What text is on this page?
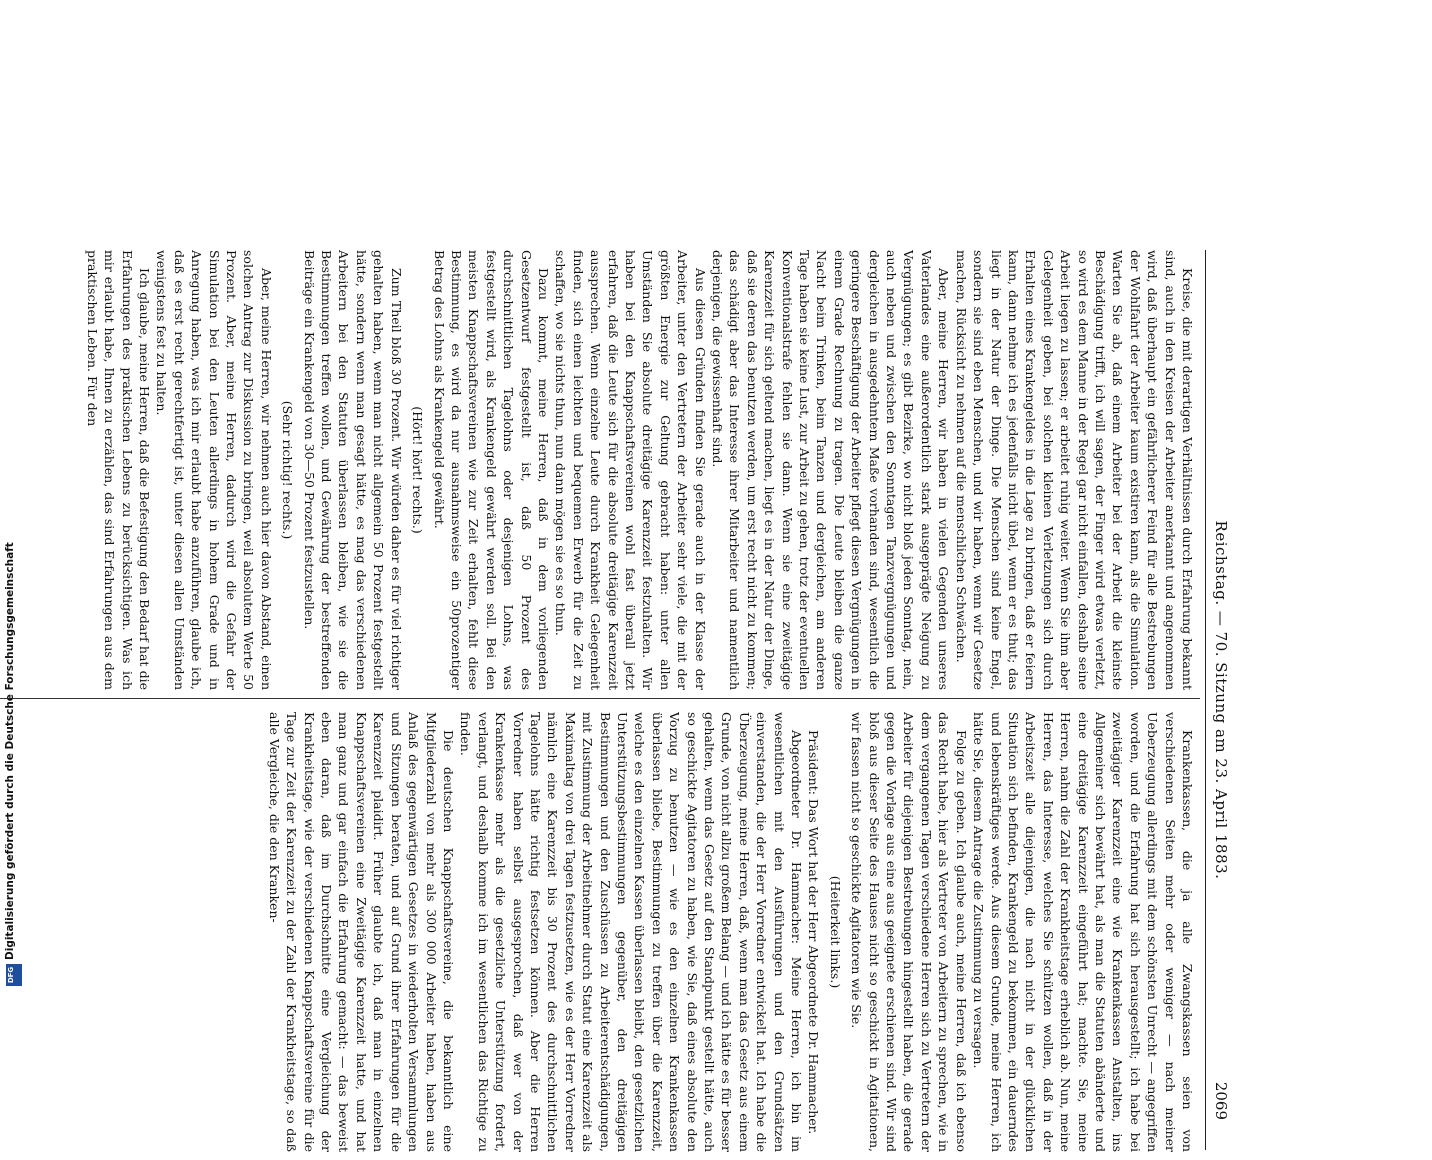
Reichstag. — 70. Sitzung am 23. April 1883.
2069

Kreise, die mit derartigen Verhältnissen durch Erfahrung bekannt sind, auch in den Kreisen der Arbeiter anerkannt und angenommen wird, daß überhaupt ein gefährlicherer Feind für alle Bestrebungen der Wohlfahrt der Arbeiter kaum existiren kann, als die Simulation. Warten Sie ab, daß einem Arbeiter bei der Arbeit die kleinste Beschädigung trifft, ich will sagen, der Finger wird etwas verletzt, so wird es dem Manne in der Regel gar nicht einfallen, deshalb seine Arbeit liegen zu lassen; er arbeitet ruhig weiter. Wenn Sie ihm aber Gelegenheit geben, bei solchen kleinen Verletzungen sich durch Erhalten eines Krankengeldes in die Lage zu bringen, daß er feiern kann, dann nehme ich es jedenfalls nicht übel, wenn er es thut; das liegt in der Natur der Dinge. Die Menschen sind keine Engel, sondern sie sind eben Menschen, und wir haben, wenn wir Gesetze machen, Rücksicht zu nehmen auf die menschlichen Schwächen.

Aber, meine Herren, wir haben in vielen Gegenden unseres Vaterlandes eine außerordentlich stark ausgeprägte Neigung zu Vergnügungen; es gibt Bezirke, wo nicht bloß jeden Sonntag, nein, auch neben und zwischen den Sonntagen Tanzvergnügungen und dergleichen in ausgedehntem Maße vorhanden sind, wesentlich die geringere Beschäftigung der Arbeiter pflegt diesen Vergnügungen in einem Grade Rechnung zu tragen. Die Leute bleiben die ganze Nacht beim Trinken, beim Tanzen und dergleichen, am anderen Tage haben sie keine Lust, zur Arbeit zu gehen, trotz der eventuellen Konventionalstrafe fehlen sie dann. Wenn sie eine zweitägige Karenzzeit für sich geltend machen, liegt es in der Natur der Dinge, daß sie deren das benutzen werden, um erst recht nicht zu kommen; das schädigt aber das Interesse ihrer Mitarbeiter und namentlich derjenigen, die gewissenhaft sind.

Aus diesen Gründen finden Sie gerade auch in der Klasse der Arbeiter, unter den Vertretern der Arbeiter sehr viele, die mit der größten Energie zur Geltung gebracht haben: unter allen Umständen Sie absolute dreitägige Karenzzeit festzuhalten. Wir haben bei den Knappschaftsvereinen wohl fast überall jetzt erfahren, daß die Leute sich für die absolute dreitägige Karenzzeit aussprechen. Wenn einzelne Leute durch Krankheit Gelegenheit finden, sich einen leichten und bequemen Erwerb für die Zeit zu schaffen, wo sie nichts thun, nun dann mögen sie es so thun.

Dazu kommt, meine Herren, daß in dem vorliegenden Gesetzentwurf festgestellt ist, daß 50 Prozent des durchschnittlichen Tagelohns oder desjenigen Lohns, was festgestellt wird, als Krankengeld gewährt werden soll. Bei den meisten Knappschaftsvereinen wie zur Zeit erhalten, fehlt diese Bestimmung, es wird da nur ausnahmsweise ein 50prozentiger Betrag des Lohns als Krankengeld gewährt.

(Hört! hört! rechts.)

Zum Theil bloß 30 Prozent. Wir würden daher es für viel richtiger gehalten haben, wenn man nicht allgemein 50 Prozent festgestellt hätte, sondern wenn man gesagt hätte, es mag das verschiedenen Arbeitern bei den Statuten überlassen bleiben, wie sie die Bestimmungen treffen wollen, und Gewährung der bestreffenden Beiträge ein Krankengeld von 30—50 Prozent festzustellen.

(Sehr richtig! rechts.)

Aber, meine Herren, wir nehmen auch hier davon Abstand, einen solchen Antrag zur Diskussion zu bringen, weil absolutem Werte 50 Prozent. Aber, meine Herren, dadurch wird die Gefahr der Simulation bei den Leuten allerdings in hohem Grade und in Anregung haben, was ich mir erlaubt habe anzuführen, glaube ich, daß es erst recht gerechtfertigt ist, unter diesen allen Umständen wenigstens fest zu halten.

Ich glaube, meine Herren, daß die Befestigung den Bedarf hat die Erfahrungen des praktischen Lebens zu berücksichtigen. Was ich mir erlaubt habe, Ihnen zu erzählen, das sind Erfahrungen aus dem praktischen Leben. Für den

Krankenkassen, die ja alle Zwangskassen seien von verschiedenen Seiten mehr oder weniger — nach meiner Ueberzeugung allerdings mit dem schönsten Unrecht — angegriffen worden, und die Erfahrung hat sich herausgestellt; ich habe bei zweitägiger Karenzzeit eine wie Krankenkassen Anstalten, ins Allgemeiner sich bewährt hat, als man die Statuten abänderte und eine dreitägige Karenzzeit eingeführt hat; machte. Sie, meine Herren, nahm die Zahl der Krankheitstage erheblich ab. Nun, meine Herren, das Interesse, welches Sie schützen wollen, daß in der Arbeitszeit alle diejenigen, die nach nicht in der glücklichen Situation sich befinden, Krankengeld zu bekommen, ein dauerndes und lebenskräftiges werde. Aus diesem Grunde, meine Herren, ich hätte Sie, diesem Antrage die Zustimmung zu versagen.

Folge zu geben. Ich glaube auch, meine Herren, daß ich ebenso das Recht habe, hier als Vertreter von Arbeitern zu sprechen, wie in dem vergangenen Tagen verschiedene Herren sich zu Vertretern der Arbeiter für diejenigen Bestrebungen hingestellt haben, die gerade gegen die Vorlage aus eine aus geeignete erschienen sind. Wir sind bloß aus dieser Seite des Hauses nicht so geschickt in Agitationen, wir fassen nicht so geschickte Agitatoren wie Sie.

(Heiterkeit links.)

Präsident: Das Wort hat der Herr Abgeordnete Dr. Hammacher.

Abgeordneter Dr. Hammacher: Meine Herren, ich bin im wesentlichen mit den Ausführungen und den Grundsätzen einverstanden, die der Herr Vorredner entwickelt hat. Ich habe die Überzeugung, meine Herren, daß, wenn man das Gesetz aus einem Grunde, von nicht allzu großem Belang — und ich hätte es für besser gehalten, wenn das Gesetz auf den Standpunkt gestellt hätte, auch so geschickte Agitatoren zu haben, wie Sie, daß eines absolute den Vorzug zu benutzen — wie es den einzelnen Krankenkassen überlassen bliebe, Bestimmungen zu treffen über die Karenzzeit, welche es den einzelnen Kassen überlassen bleibt, den gesetzlichen Unterstützungsbestimmungen gegenüber, den dreitägigen Bestimmungen und den Zuschüssen zu Arbeiterentschädigungen, mit Zustimmung der Arbeitnehmer durch Statut eine Karenzzeit als Maximaltag von drei Tagen festzusetzen, wie es der Herr Vorredner nämlich eine Karenzzeit bis 30 Prozent des durchschnittlichen Tagelohns hätte richtig festsetzen können. Aber die Herren Vorredner haben selbst ausgesprochen, daß wer von der Krankenkasse mehr als die gesetzliche Unterstützung fordert, verlangt, und deshalb komme ich im wesentlichen das Richtige zu finden.

Die deutschen Knappschaftsvereine, die bekanntlich eine Mitgliederzahl von mehr als 300 000 Arbeiter haben, haben aus Anlaß des gegenwärtigen Gesetzes in wiederholten Versammlungen und Sitzungen beraten, und auf Grund ihrer Erfahrungen für die Karenzzeit plaidirt. Früher glaubte ich, daß man in einzelnen Knappschaftsvereinen eine Zweitägige Karenzzeit hatte, und hat man ganz und gar einfach die Erfahrung gemacht: — das beweist eben daran, daß im Durchschnitte eine Vergleichung der Krankheitstage, wie der verschiedenen Knappschaftsvereine für die Tage zur Zeit der Karenzzeit zu der Zahl der Krankheitstage, so daß alle Vergleiche, die den Kranken-

Digitalisierung gefördert durch die Deutsche Forschungsgemeinschaft
DFG
